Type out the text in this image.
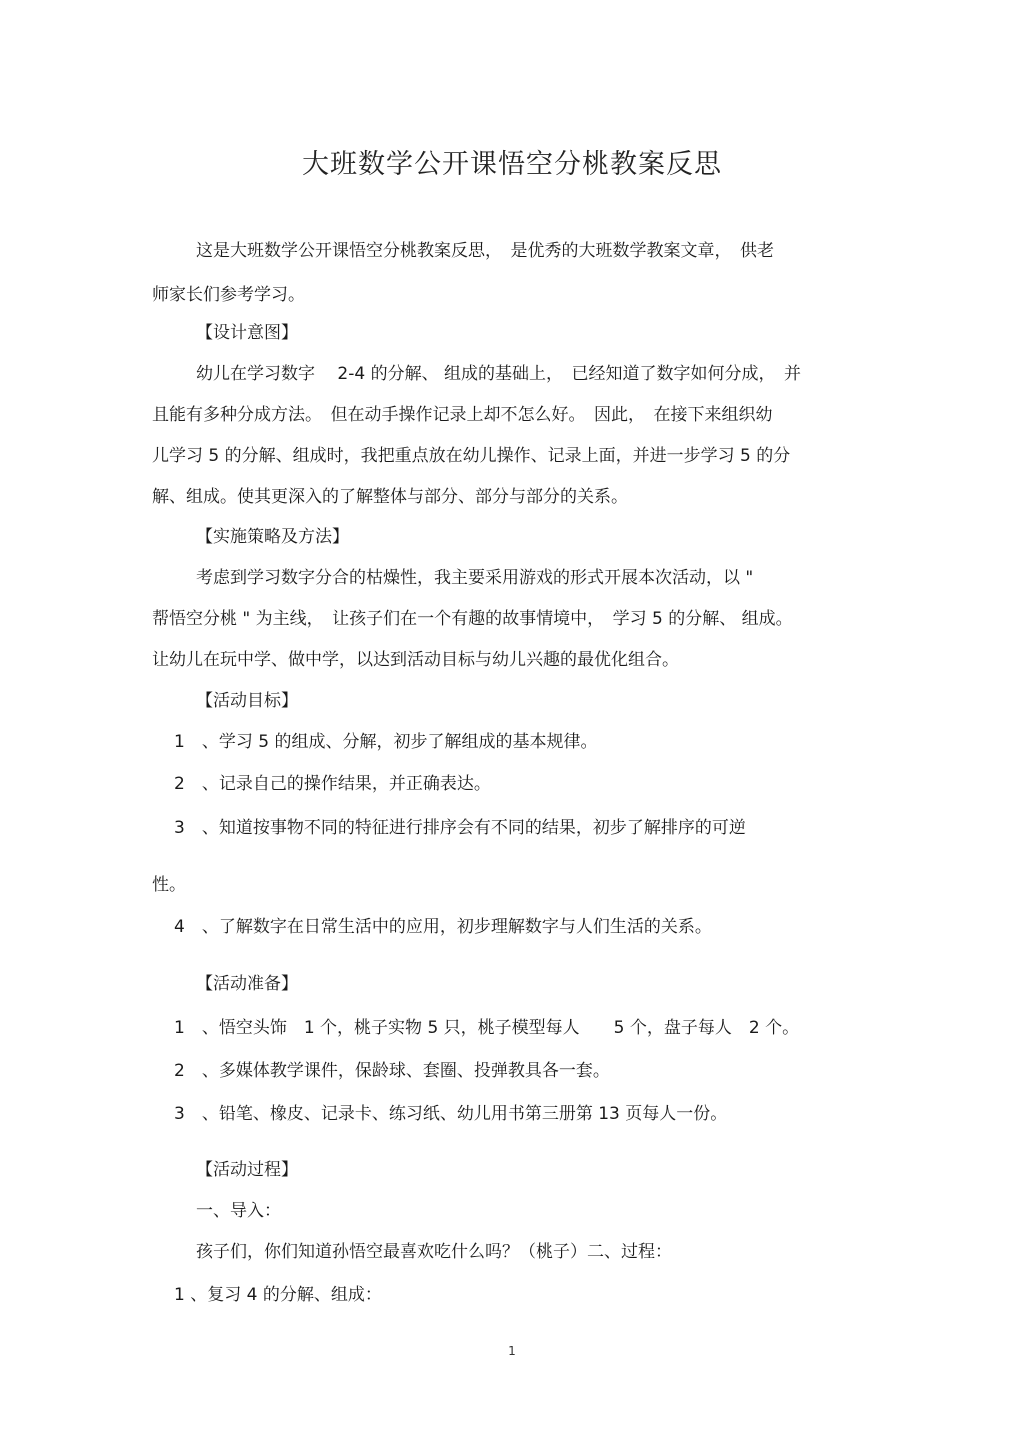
大班数学公开课悟空分桃教案反思
这是大班数学公开课悟空分桃教案反思，　是优秀的大班数学教案文章，　供老
师家长们参考学习。
【设计意图】
幼儿在学习数字　 2-4 的分解、 组成的基础上，　已经知道了数字如何分成，　并
且能有多种分成方法。　但在动手操作记录上却不怎么好。　因此，　在接下来组织幼
儿学习 5 的分解、组成时，我把重点放在幼儿操作、记录上面，并进一步学习 5 的分
解、组成。使其更深入的了解整体与部分、部分与部分的关系。
【实施策略及方法】
考虑到学习数字分合的枯燥性，我主要采用游戏的形式开展本次活动，以 "
帮悟空分桃 " 为主线，　让孩子们在一个有趣的故事情境中，　学习 5 的分解、 组成。
让幼儿在玩中学、做中学，以达到活动目标与幼儿兴趣的最优化组合。
【活动目标】
1　、学习 5 的组成、分解，初步了解组成的基本规律。
2　、记录自己的操作结果，并正确表达。
3　、知道按事物不同的特征进行排序会有不同的结果，初步了解排序的可逆
性。
4　、了解数字在日常生活中的应用，初步理解数字与人们生活的关系。
【活动准备】
1　、悟空头饰　1 个，桃子实物 5 只，桃子模型每人　　5 个，盘子每人　2 个。
2　、多媒体教学课件，保龄球、套圈、投弹教具各一套。
3　、铅笔、橡皮、记录卡、练习纸、幼儿用书第三册第 13 页每人一份。
【活动过程】
一、导入：
孩子们，你们知道孙悟空最喜欢吃什么吗？（桃子）二、过程：
1 、复习 4 的分解、组成：
1
